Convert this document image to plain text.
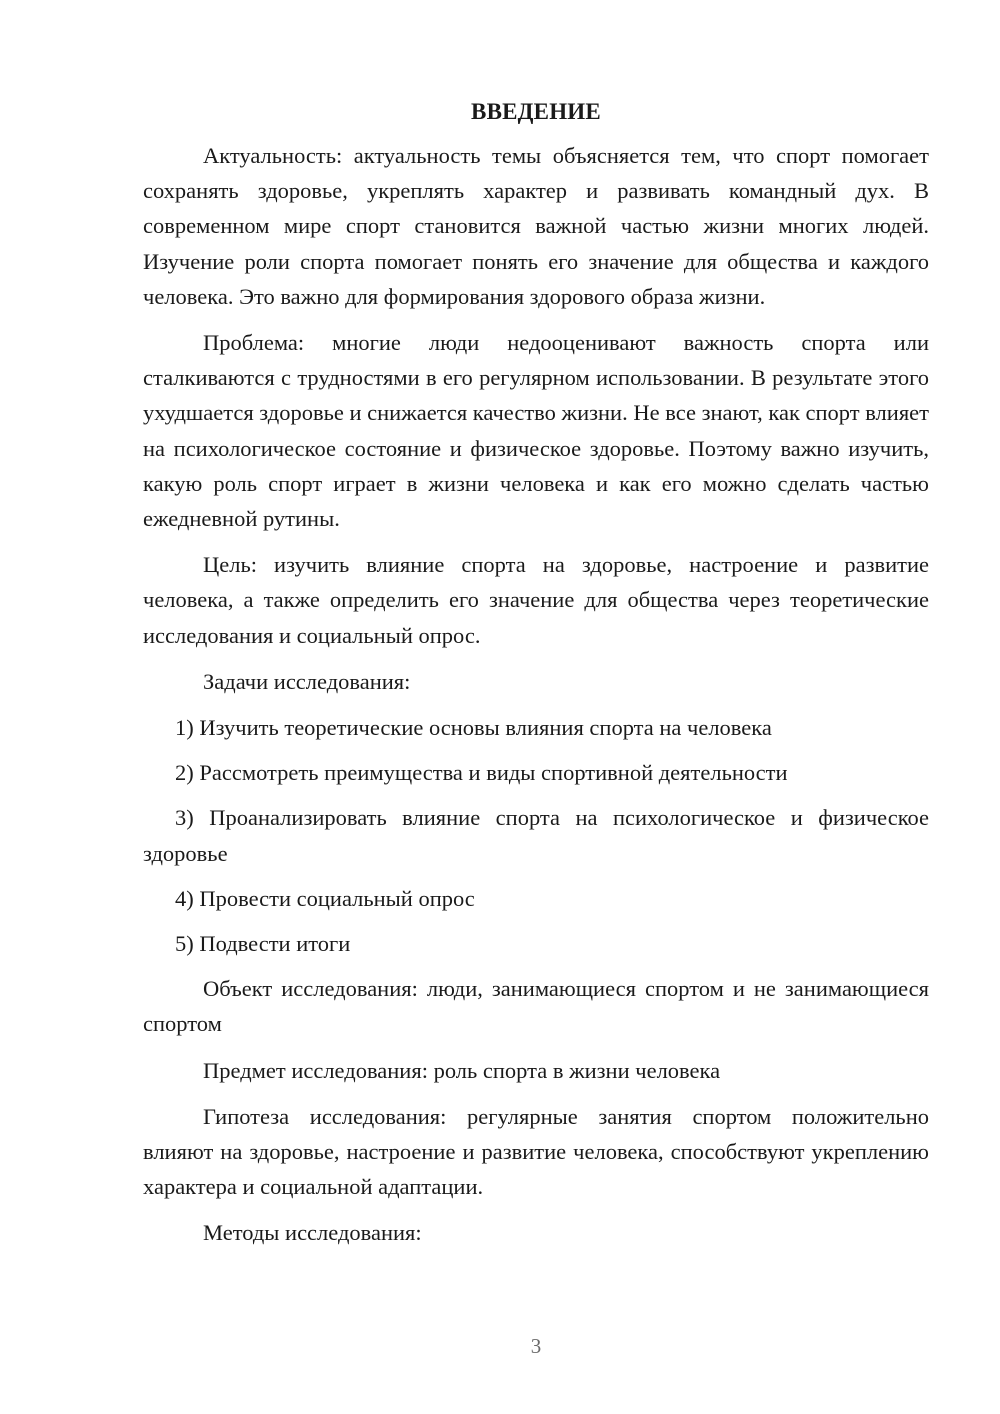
ВВЕДЕНИЕ

Актуальность: актуальность темы объясняется тем, что спорт помогает сохранять здоровье, укреплять характер и развивать командный дух. В современном мире спорт становится важной частью жизни многих людей. Изучение роли спорта помогает понять его значение для общества и каждого человека. Это важно для формирования здорового образа жизни.

Проблема: многие люди недооценивают важность спорта или сталкиваются с трудностями в его регулярном использовании. В результате этого ухудшается здоровье и снижается качество жизни. Не все знают, как спорт влияет на психологическое состояние и физическое здоровье. Поэтому важно изучить, какую роль спорт играет в жизни человека и как его можно сделать частью ежедневной рутины.

Цель: изучить влияние спорта на здоровье, настроение и развитие человека, а также определить его значение для общества через теоретические исследования и социальный опрос.

Задачи исследования:

1) Изучить теоретические основы влияния спорта на человека

2) Рассмотреть преимущества и виды спортивной деятельности

3) Проанализировать влияние спорта на психологическое и физическое здоровье

4) Провести социальный опрос

5) Подвести итоги

Объект исследования: люди, занимающиеся спортом и не занимающиеся спортом

Предмет исследования: роль спорта в жизни человека

Гипотеза исследования: регулярные занятия спортом положительно влияют на здоровье, настроение и развитие человека, способствуют укреплению характера и социальной адаптации.

Методы исследования:

3
